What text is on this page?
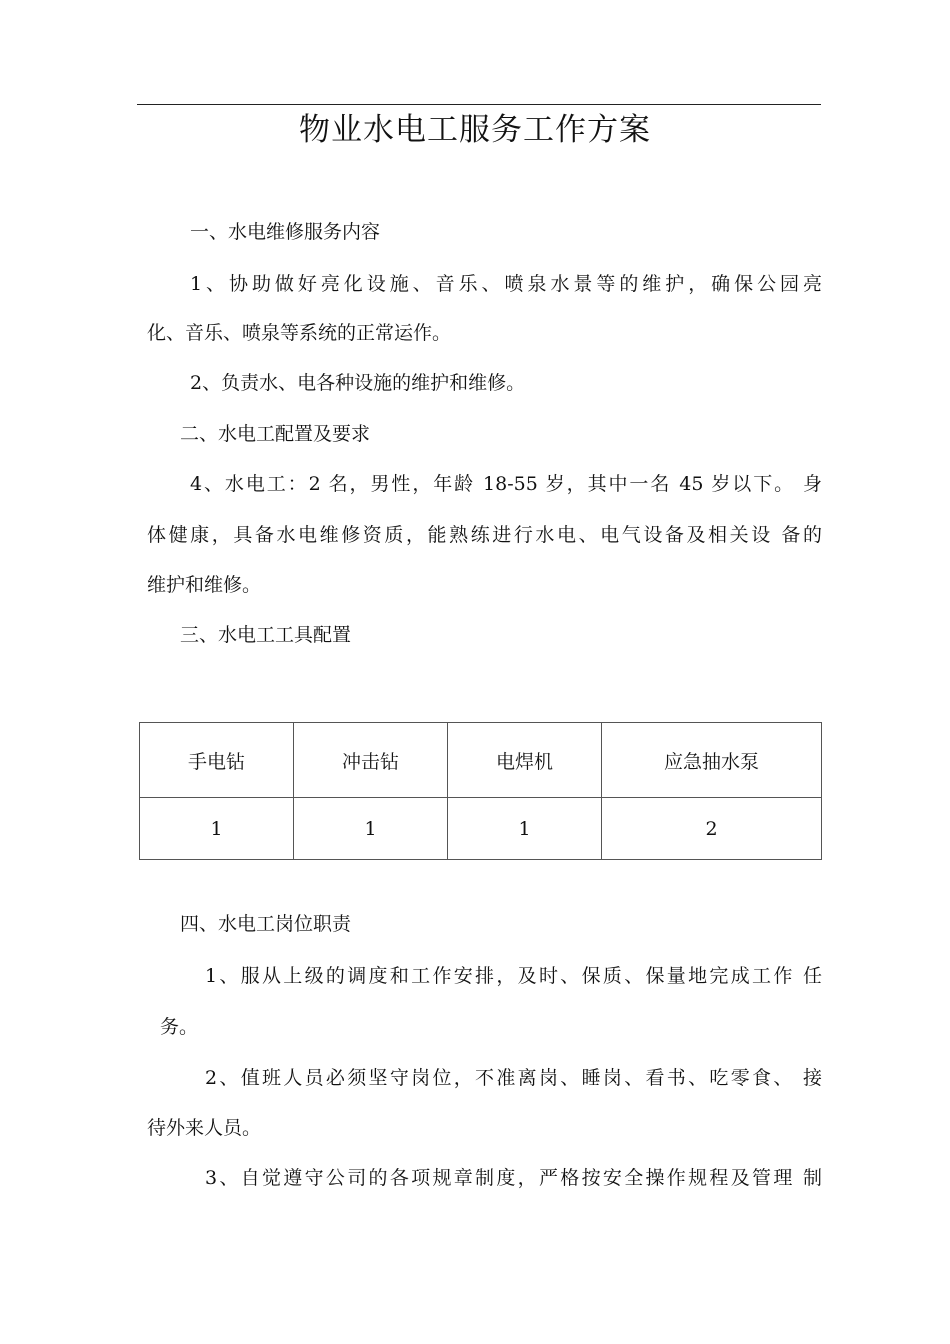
物业水电工服务工作方案
一、水电维修服务内容
1、协助做好亮化设施、音乐、喷泉水景等的维护，确保公园亮
化、音乐、喷泉等系统的正常运作。
2、负责水、电各种设施的维护和维修。
二、水电工配置及要求
4、水电工：2 名，男性，年龄 18-55 岁，其中一名 45 岁以下。 身
体健康，具备水电维修资质，能熟练进行水电、电气设备及相关设 备的
维护和维修。
三、水电工工具配置
手电钻	冲击钻	电焊机	应急抽水泵
1	1	1	2
四、水电工岗位职责
1、服从上级的调度和工作安排，及时、保质、保量地完成工作 任
务。
2、值班人员必须坚守岗位，不准离岗、睡岗、看书、吃零食、 接
待外来人员。
3、自觉遵守公司的各项规章制度，严格按安全操作规程及管理 制
